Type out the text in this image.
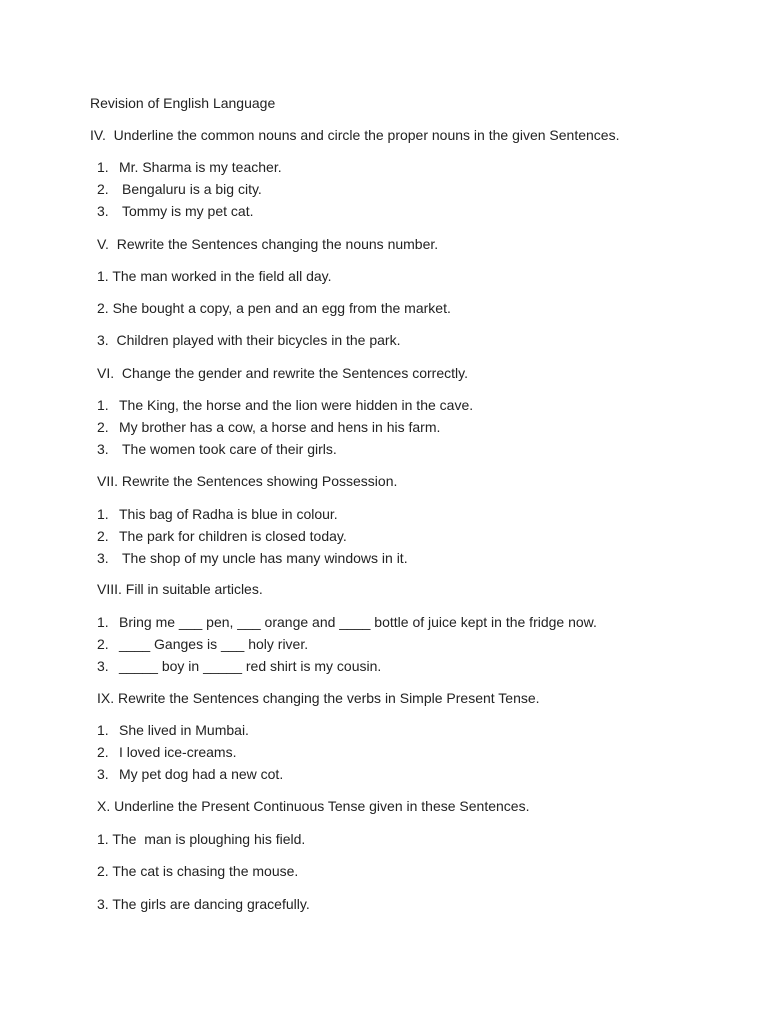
Revision of English Language
IV.  Underline the common nouns and circle the proper nouns in the given Sentences.
1. Mr. Sharma is my teacher.
2. Bengaluru is a big city.
3. Tommy is my pet cat.
V.  Rewrite the Sentences changing the nouns number.
1. The man worked in the field all day.
2. She bought a copy, a pen and an egg from the market.
3.  Children played with their bicycles in the park.
VI.  Change the gender and rewrite the Sentences correctly.
1. The King, the horse and the lion were hidden in the cave.
2. My brother has a cow, a horse and hens in his farm.
3. The women took care of their girls.
VII. Rewrite the Sentences showing Possession.
1. This bag of Radha is blue in colour.
2. The park for children is closed today.
3. The shop of my uncle has many windows in it.
VIII. Fill in suitable articles.
1. Bring me ___ pen, ___ orange and ____ bottle of juice kept in the fridge now.
2. ____ Ganges is ___ holy river.
3. _____ boy in _____ red shirt is my cousin.
IX. Rewrite the Sentences changing the verbs in Simple Present Tense.
1. She lived in Mumbai.
2. I loved ice-creams.
3. My pet dog had a new cot.
X. Underline the Present Continuous Tense given in these Sentences.
1. The  man is ploughing his field.
2. The cat is chasing the mouse.
3. The girls are dancing gracefully.
